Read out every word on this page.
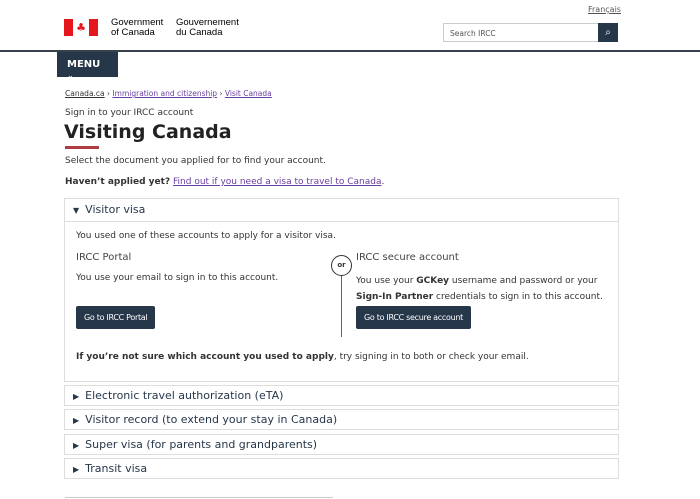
Français
♣	Government
of Canada
Gouvernement
du Canada	Search IRCC	⌕
MENU ⌄
Canada.ca › Immigration and citizenship › Visit Canada
Sign in to your IRCC account
Visiting Canada
Select the document you applied for to find your account.
Haven’t applied yet? Find out if you need a visa to travel to Canada.
▼ Visitor visa
You used one of these accounts to apply for a visitor visa.
IRCC Portal
You use your email to sign in to this account.
Go to IRCC Portal
or
IRCC secure account
You use your GCKey username and password or your Sign-In Partner credentials to sign in to this account.
Go to IRCC secure account
If you’re not sure which account you used to apply, try signing in to both or check your email.
▶ Electronic travel authorization (eTA)
▶ Visitor record (to extend your stay in Canada)
▶ Super visa (for parents and grandparents)
▶ Transit visa
